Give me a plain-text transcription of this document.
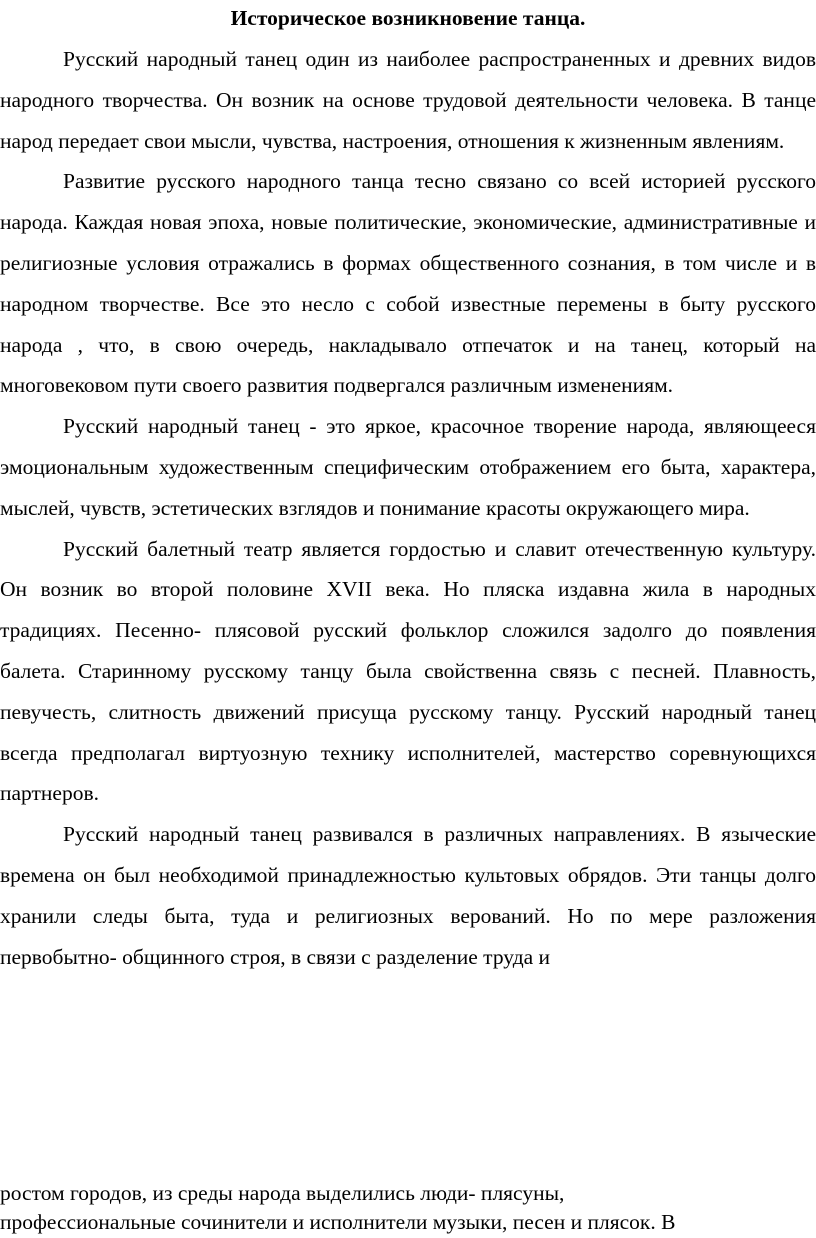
Историческое возникновение танца.

Русский народный танец один из наиболее распространенных и древних видов народного творчества. Он возник на основе трудовой деятельности человека. В танце народ передает свои мысли, чувства, настроения, отношения к жизненным явлениям.

Развитие русского народного танца тесно связано со всей историей русского народа. Каждая новая эпоха, новые политические, экономические, административные и религиозные условия отражались в формах общественного сознания, в том числе и в народном творчестве. Все это несло с собой известные перемены в быту русского народа , что, в свою очередь, накладывало отпечаток и на танец, который на многовековом пути своего развития подвергался различным изменениям.

Русский народный танец - это яркое, красочное творение народа, являющееся эмоциональным художественным специфическим отображением его быта, характера, мыслей, чувств, эстетических взглядов и понимание красоты окружающего мира.

Русский балетный театр является гордостью и славит отечественную культуру. Он возник во второй половине XVII века. Но пляска издавна жила в народных традициях. Песенно- плясовой русский фольклор сложился задолго до появления балета. Старинному русскому танцу была свойственна связь с песней. Плавность, певучесть, слитность движений присуща русскому танцу. Русский народный танец всегда предполагал виртуозную технику исполнителей, мастерство соревнующихся партнеров.

Русский народный танец развивался в различных направлениях. В языческие времена он был необходимой принадлежностью культовых обрядов. Эти танцы долго хранили следы быта, туда и религиозных верований. Но по мере разложения первобытно- общинного строя, в связи с разделение труда и

ростом городов, из среды народа выделились люди- плясуны,

профессиональные сочинители и исполнители музыки, песен и плясок. В
